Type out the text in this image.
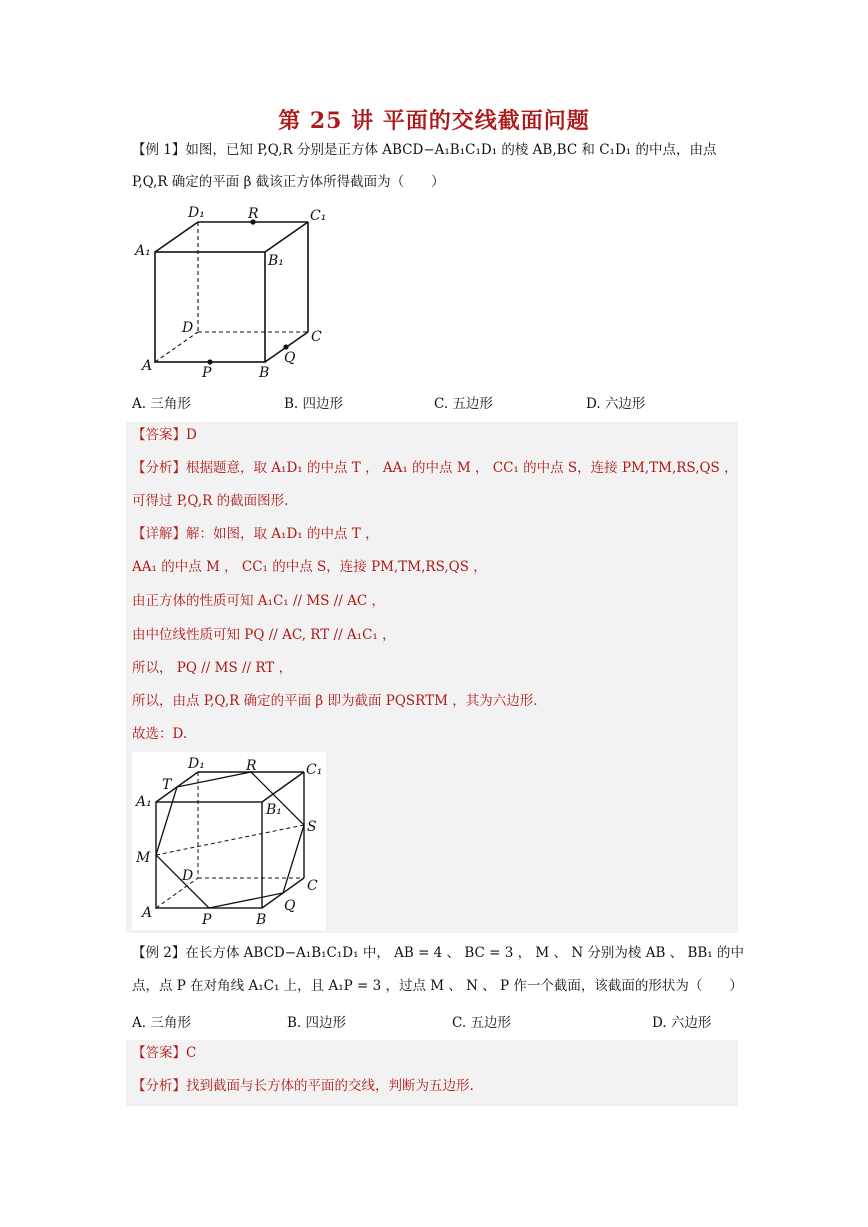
第 25 讲 平面的交线截面问题
【例 1】如图，已知 P,Q,R 分别是正方体 ABCD−A₁B₁C₁D₁ 的棱 AB,BC 和 C₁D₁ 的中点，由点
P,Q,R 确定的平面 β 截该正方体所得截面为（　　）
D₁	R	C₁
A₁
B₁
D
C
A	P	B
Q
A. 三角形	B. 四边形	C. 五边形	D. 六边形
【答案】D
【分析】根据题意，取 A₁D₁ 的中点 T ， AA₁ 的中点 M ， CC₁ 的中点 S，连接 PM,TM,RS,QS ，
可得过 P,Q,R 的截面图形.
【详解】解：如图，取 A₁D₁ 的中点 T ，
AA₁ 的中点 M ， CC₁ 的中点 S，连接 PM,TM,RS,QS ，
由正方体的性质可知 A₁C₁ // MS // AC ，
由中位线性质可知 PQ // AC, RT // A₁C₁ ，
所以， PQ // MS // RT ，
所以，由点 P,Q,R 确定的平面 β 即为截面 PQSRTM ，其为六边形.
故选：D.
D₁	R	C₁
T
A₁	B₁
S
M
D
C
A	P	B
Q
【例 2】在长方体 ABCD−A₁B₁C₁D₁ 中， AB = 4 、 BC = 3 ， M 、 N 分别为棱 AB 、 BB₁ 的中
点，点 P 在对角线 A₁C₁ 上，且 A₁P = 3 ，过点 M 、 N 、 P 作一个截面，该截面的形状为（　　）
A. 三角形	B. 四边形	C. 五边形	D. 六边形
【答案】C
【分析】找到截面与长方体的平面的交线，判断为五边形.
